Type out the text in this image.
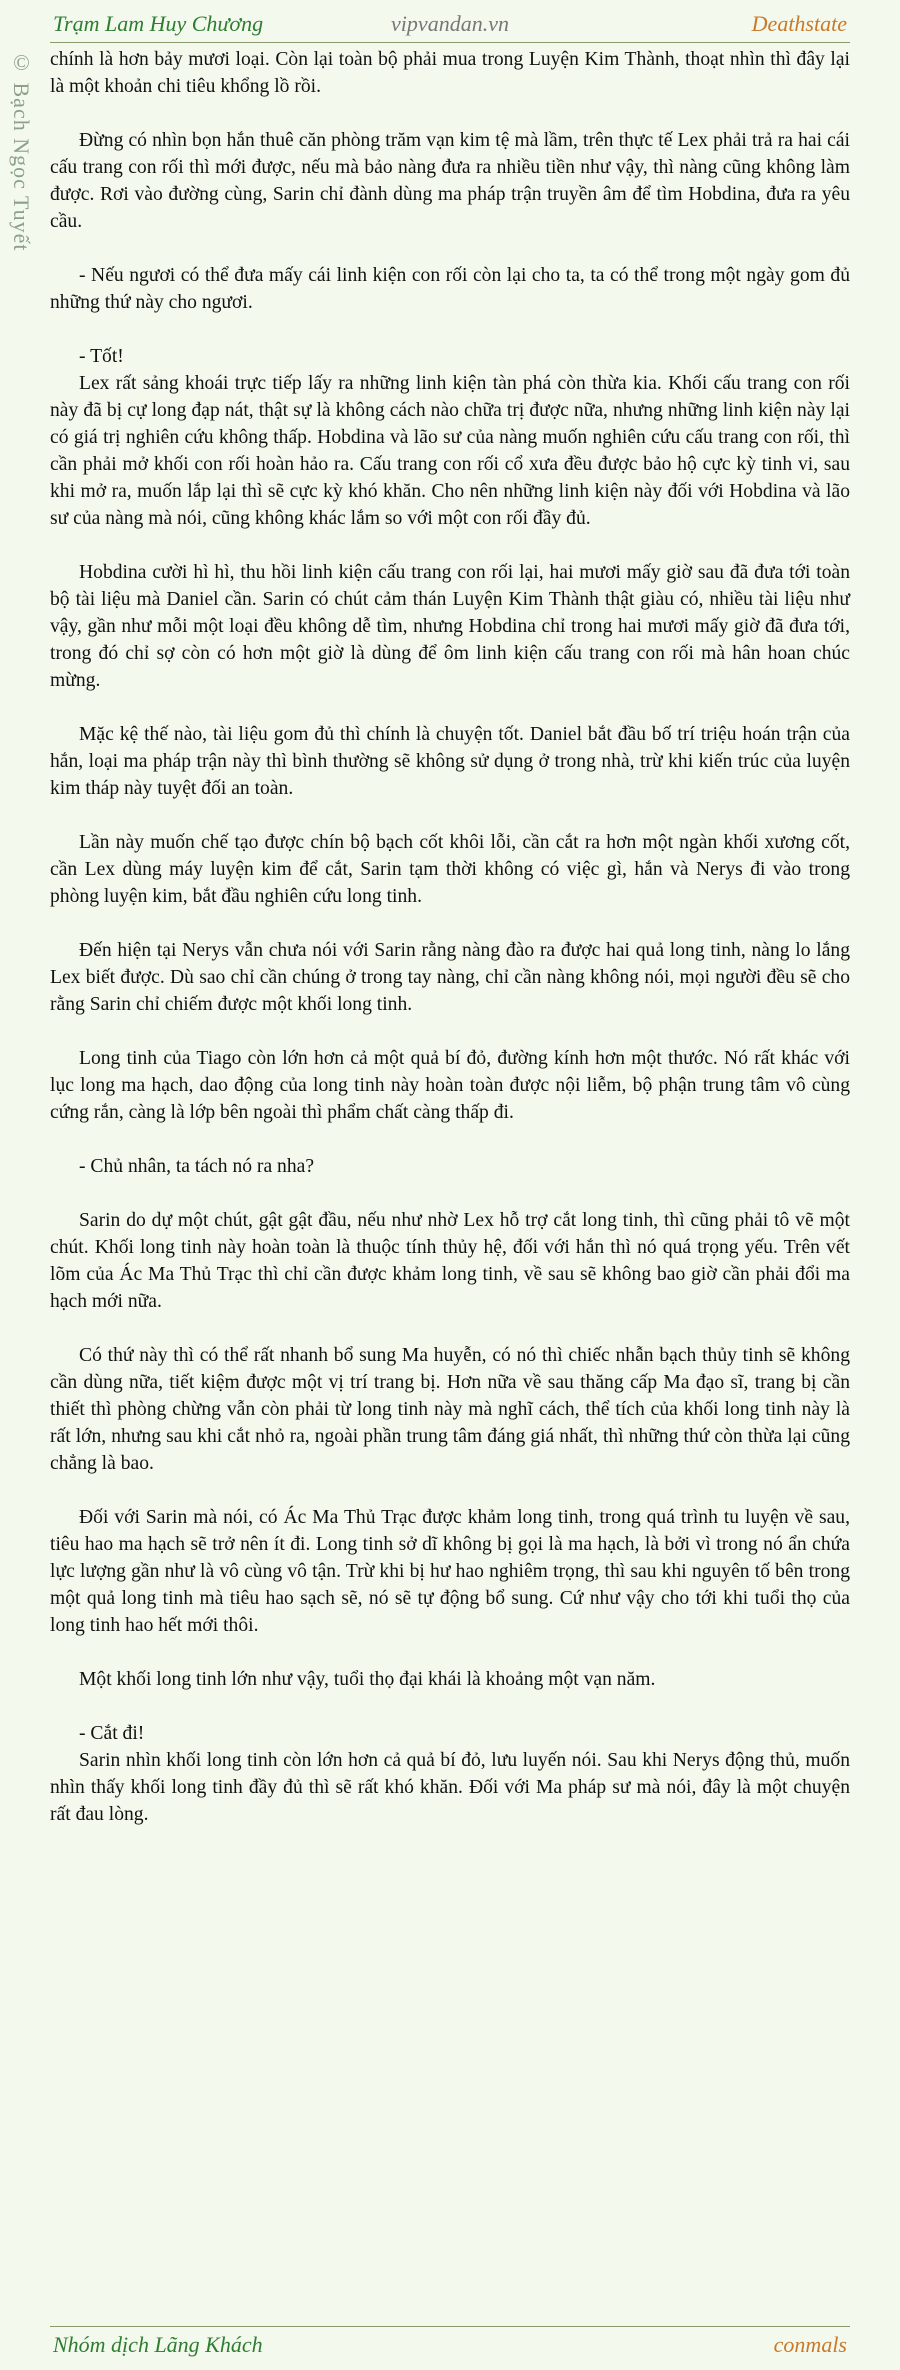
Trạm Lam Huy Chương	vipvandan.vn	Deathstate
© Bạch Ngọc Tuyết chính là hơn bảy mươi loại. Còn lại toàn bộ phải mua trong Luyện Kim Thành, thoạt nhìn thì đây lại là một khoản chi tiêu khổng lồ rồi.

Đừng có nhìn bọn hắn thuê căn phòng trăm vạn kim tệ mà lầm, trên thực tế Lex phải trả ra hai cái cấu trang con rối thì mới được, nếu mà bảo nàng đưa ra nhiều tiền như vậy, thì nàng cũng không làm được. Rơi vào đường cùng, Sarin chỉ đành dùng ma pháp trận truyền âm để tìm Hobdina, đưa ra yêu cầu.

- Nếu ngươi có thể đưa mấy cái linh kiện con rối còn lại cho ta, ta có thể trong một ngày gom đủ những thứ này cho ngươi.

- Tốt!

Lex rất sảng khoái trực tiếp lấy ra những linh kiện tàn phá còn thừa kia. Khối cấu trang con rối này đã bị cự long đạp nát, thật sự là không cách nào chữa trị được nữa, nhưng những linh kiện này lại có giá trị nghiên cứu không thấp. Hobdina và lão sư của nàng muốn nghiên cứu cấu trang con rối, thì cần phải mở khối con rối hoàn hảo ra. Cấu trang con rối cổ xưa đều được bảo hộ cực kỳ tinh vi, sau khi mở ra, muốn lắp lại thì sẽ cực kỳ khó khăn. Cho nên những linh kiện này đối với Hobdina và lão sư của nàng mà nói, cũng không khác lắm so với một con rối đầy đủ.

Hobdina cười hì hì, thu hồi linh kiện cấu trang con rối lại, hai mươi mấy giờ sau đã đưa tới toàn bộ tài liệu mà Daniel cần. Sarin có chút cảm thán Luyện Kim Thành thật giàu có, nhiều tài liệu như vậy, gần như mỗi một loại đều không dễ tìm, nhưng Hobdina chỉ trong hai mươi mấy giờ đã đưa tới, trong đó chỉ sợ còn có hơn một giờ là dùng để ôm linh kiện cấu trang con rối mà hân hoan chúc mừng.

Mặc kệ thế nào, tài liệu gom đủ thì chính là chuyện tốt. Daniel bắt đầu bố trí triệu hoán trận của hắn, loại ma pháp trận này thì bình thường sẽ không sử dụng ở trong nhà, trừ khi kiến trúc của luyện kim tháp này tuyệt đối an toàn.

Lần này muốn chế tạo được chín bộ bạch cốt khôi lỗi, cần cắt ra hơn một ngàn khối xương cốt, cần Lex dùng máy luyện kim để cắt, Sarin tạm thời không có việc gì, hắn và Nerys đi vào trong phòng luyện kim, bắt đầu nghiên cứu long tinh.

Đến hiện tại Nerys vẫn chưa nói với Sarin rằng nàng đào ra được hai quả long tinh, nàng lo lắng Lex biết được. Dù sao chỉ cần chúng ở trong tay nàng, chỉ cần nàng không nói, mọi người đều sẽ cho rằng Sarin chỉ chiếm được một khối long tinh.

Long tinh của Tiago còn lớn hơn cả một quả bí đỏ, đường kính hơn một thước. Nó rất khác với lục long ma hạch, dao động của long tinh này hoàn toàn được nội liễm, bộ phận trung tâm vô cùng cứng rắn, càng là lớp bên ngoài thì phẩm chất càng thấp đi.

- Chủ nhân, ta tách nó ra nha?

Sarin do dự một chút, gật gật đầu, nếu như nhờ Lex hỗ trợ cắt long tinh, thì cũng phải tô vẽ một chút. Khối long tinh này hoàn toàn là thuộc tính thủy hệ, đối với hắn thì nó quá trọng yếu. Trên vết lõm của Ác Ma Thủ Trạc thì chỉ cần được khảm long tinh, về sau sẽ không bao giờ cần phải đổi ma hạch mới nữa.

Có thứ này thì có thể rất nhanh bổ sung Ma huyễn, có nó thì chiếc nhẫn bạch thủy tinh sẽ không cần dùng nữa, tiết kiệm được một vị trí trang bị. Hơn nữa về sau thăng cấp Ma đạo sĩ, trang bị cần thiết thì phòng chừng vẫn còn phải từ long tinh này mà nghĩ cách, thể tích của khối long tinh này là rất lớn, nhưng sau khi cắt nhỏ ra, ngoài phần trung tâm đáng giá nhất, thì những thứ còn thừa lại cũng chẳng là bao.

Đối với Sarin mà nói, có Ác Ma Thủ Trạc được khảm long tinh, trong quá trình tu luyện về sau, tiêu hao ma hạch sẽ trở nên ít đi. Long tinh sở dĩ không bị gọi là ma hạch, là bởi vì trong nó ẩn chứa lực lượng gần như là vô cùng vô tận. Trừ khi bị hư hao nghiêm trọng, thì sau khi nguyên tố bên trong một quả long tinh mà tiêu hao sạch sẽ, nó sẽ tự động bổ sung. Cứ như vậy cho tới khi tuổi thọ của long tinh hao hết mới thôi.

Một khối long tinh lớn như vậy, tuổi thọ đại khái là khoảng một vạn năm.

- Cắt đi!

Sarin nhìn khối long tinh còn lớn hơn cả quả bí đỏ, lưu luyến nói. Sau khi Nerys động thủ, muốn nhìn thấy khối long tinh đầy đủ thì sẽ rất khó khăn. Đối với Ma pháp sư mà nói, đây là một chuyện rất đau lòng.

Nhóm dịch Lãng Khách	conmals
